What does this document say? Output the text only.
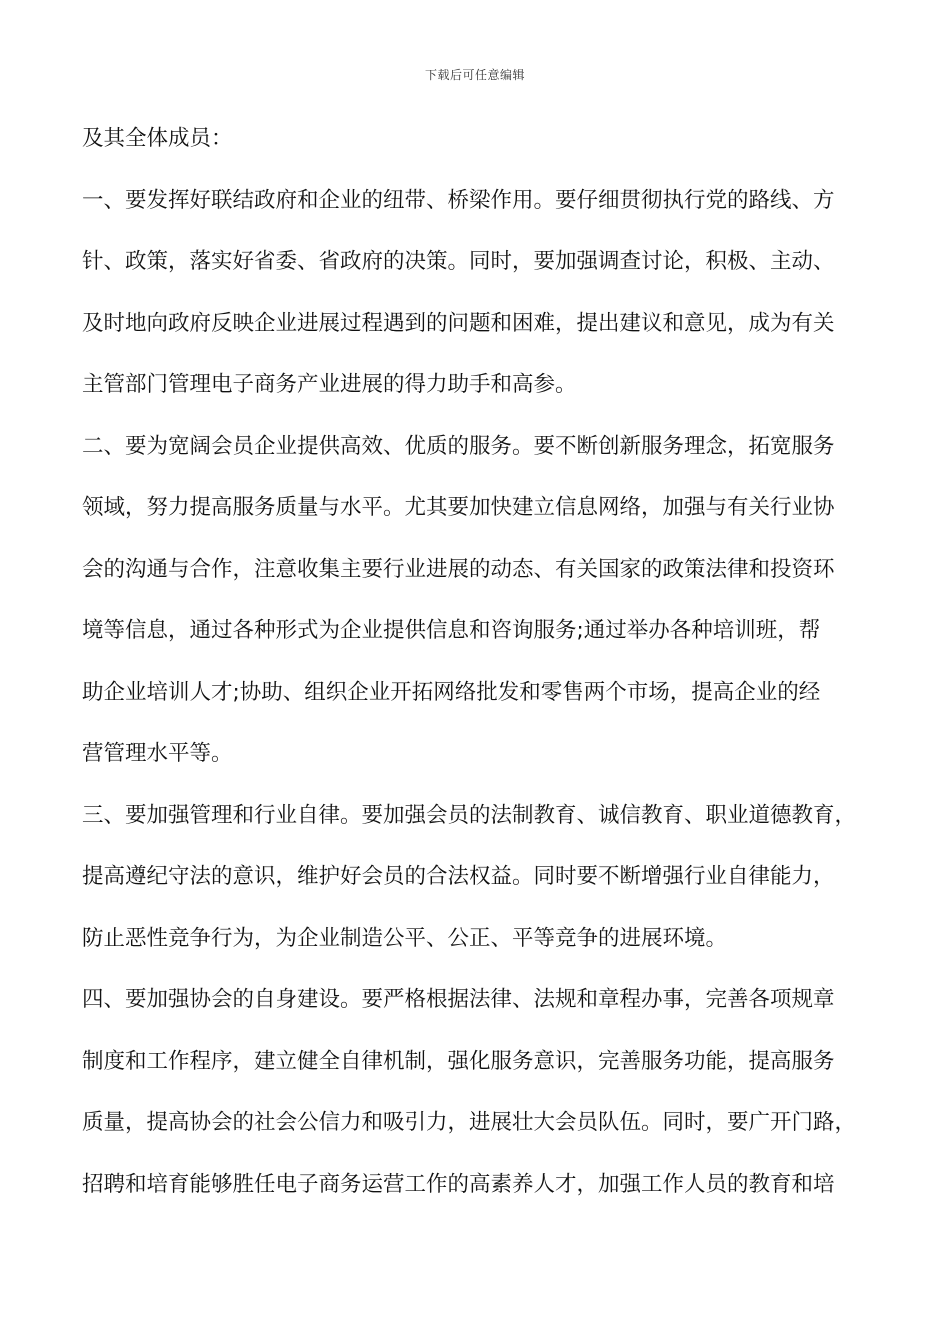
下载后可任意编辑
及其全体成员：
一、要发挥好联结政府和企业的纽带、桥梁作用。要仔细贯彻执行党的路线、方
针、政策，落实好省委、省政府的决策。同时，要加强调查讨论，积极、主动、
及时地向政府反映企业进展过程遇到的问题和困难，提出建议和意见，成为有关
主管部门管理电子商务产业进展的得力助手和高参。
二、要为宽阔会员企业提供高效、优质的服务。要不断创新服务理念，拓宽服务
领域，努力提高服务质量与水平。尤其要加快建立信息网络，加强与有关行业协
会的沟通与合作，注意收集主要行业进展的动态、有关国家的政策法律和投资环
境等信息，通过各种形式为企业提供信息和咨询服务;通过举办各种培训班，帮
助企业培训人才;协助、组织企业开拓网络批发和零售两个市场，提高企业的经
营管理水平等。
三、要加强管理和行业自律。要加强会员的法制教育、诚信教育、职业道德教育，
提高遵纪守法的意识，维护好会员的合法权益。同时要不断增强行业自律能力，
防止恶性竞争行为，为企业制造公平、公正、平等竞争的进展环境。
四、要加强协会的自身建设。要严格根据法律、法规和章程办事，完善各项规章
制度和工作程序，建立健全自律机制，强化服务意识，完善服务功能，提高服务
质量，提高协会的社会公信力和吸引力，进展壮大会员队伍。同时，要广开门路，
招聘和培育能够胜任电子商务运营工作的高素养人才，加强工作人员的教育和培
